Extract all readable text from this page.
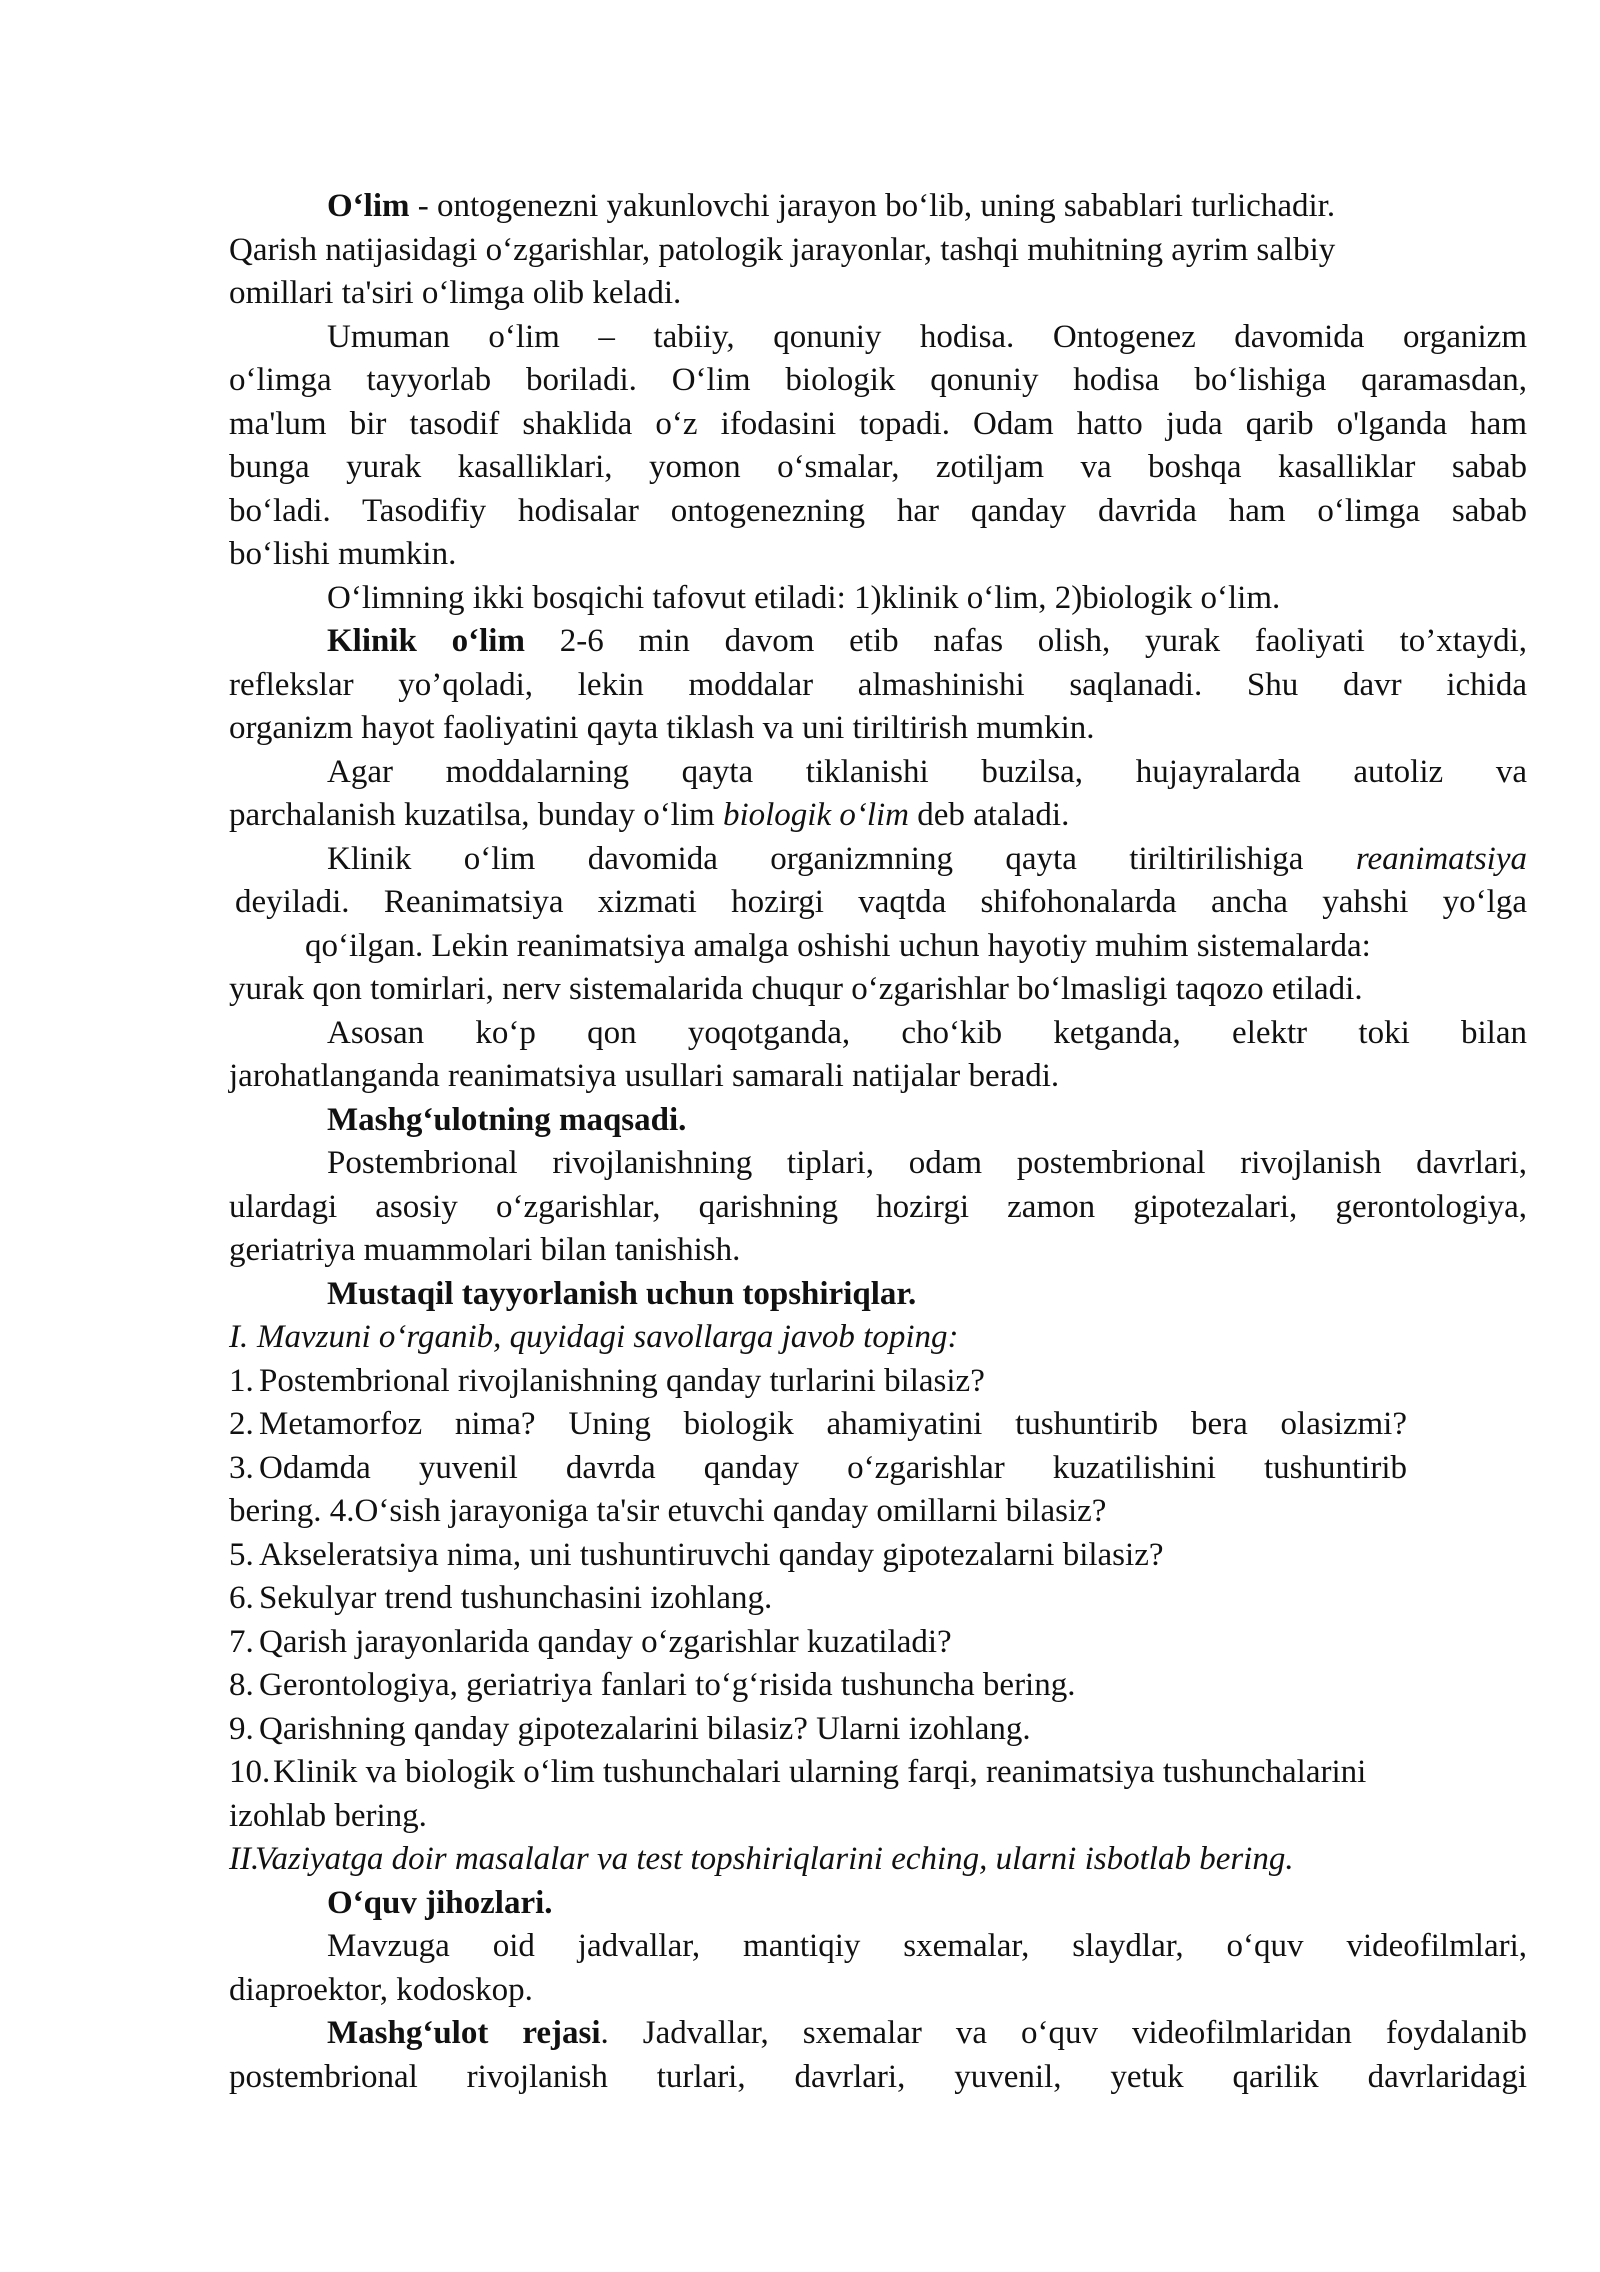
O‘lim - ontogenezni yakunlovchi jarayon bo‘lib, uning sabablari turlichadir.

Qarish natijasidagi o‘zgarishlar, patologik jarayonlar, tashqi muhitning ayrim salbiy

omillari ta'siri o‘limga olib keladi.

Umuman o‘lim – tabiiy, qonuniy hodisa. Ontogenez davomida organizm

o‘limga tayyorlab boriladi. O‘lim biologik qonuniy hodisa bo‘lishiga qaramasdan,

ma'lum bir tasodif shaklida o‘z ifodasini topadi. Odam hatto juda qarib o'lganda ham

bunga yurak kasalliklari, yomon o‘smalar, zotiljam va boshqa kasalliklar sabab

bo‘ladi. Tasodifiy hodisalar ontogenezning har qanday davrida ham o‘limga sabab

bo‘lishi mumkin.

O‘limning ikki bosqichi tafovut etiladi: 1)klinik o‘lim, 2)biologik o‘lim.

Klinik o‘lim 2-6 min davom etib nafas olish, yurak faoliyati to’xtaydi,

reflekslar yo’qoladi, lekin moddalar almashinishi saqlanadi. Shu davr ichida

organizm hayot faoliyatini qayta tiklash va uni tiriltirish mumkin.

Agar moddalarning qayta tiklanishi buzilsa, hujayralarda autoliz va

parchalanish kuzatilsa, bunday o‘lim biologik o‘lim deb ataladi.

Klinik o‘lim davomida organizmning qayta tiriltirilishiga reanimatsiya

deyiladi. Reanimatsiya xizmati hozirgi vaqtda shifohonalarda ancha yahshi yo‘lga

qo‘ilgan. Lekin reanimatsiya amalga oshishi uchun hayotiy muhim sistemalarda:

yurak qon tomirlari, nerv sistemalarida chuqur o‘zgarishlar bo‘lmasligi taqozo etiladi.

Asosan ko‘p qon yoqotganda, cho‘kib ketganda, elektr toki bilan

jarohatlanganda reanimatsiya usullari samarali natijalar beradi.

Mashg‘ulotning maqsadi.

Postembrional rivojlanishning tiplari, odam postembrional rivojlanish davrlari,

ulardagi asosiy o‘zgarishlar, qarishning hozirgi zamon gipotezalari, gerontologiya,

geriatriya muammolari bilan tanishish.

Mustaqil tayyorlanish uchun topshiriqlar.

I. Mavzuni o‘rganib, quyidagi savollarga javob toping:

1. Postembrional rivojlanishning qanday turlarini bilasiz?

2. Metamorfoz nima? Uning biologik ahamiyatini tushuntirib bera olasizmi?

3. Odamda yuvenil davrda qanday o‘zgarishlar kuzatilishini tushuntirib

bering. 4.O‘sish jarayoniga ta'sir etuvchi qanday omillarni bilasiz?

5. Akseleratsiya nima, uni tushuntiruvchi qanday gipotezalarni bilasiz?

6. Sekulyar trend tushunchasini izohlang.

7. Qarish jarayonlarida qanday o‘zgarishlar kuzatiladi?

8. Gerontologiya, geriatriya fanlari to‘g‘risida tushuncha bering.

9. Qarishning qanday gipotezalarini bilasiz? Ularni izohlang.

10.Klinik va biologik o‘lim tushunchalari ularning farqi, reanimatsiya tushunchalarini

izohlab bering.

II.Vaziyatga doir masalalar va test topshiriqlarini eching, ularni isbotlab bering.

O‘quv jihozlari.

Mavzuga oid jadvallar, mantiqiy sxemalar, slaydlar, o‘quv videofilmlari,

diaproektor, kodoskop.

Mashg‘ulot rejasi. Jadvallar, sxemalar va o‘quv videofilmlaridan foydalanib

postembrional rivojlanish turlari, davrlari, yuvenil, yetuk qarilik davrlaridagi
